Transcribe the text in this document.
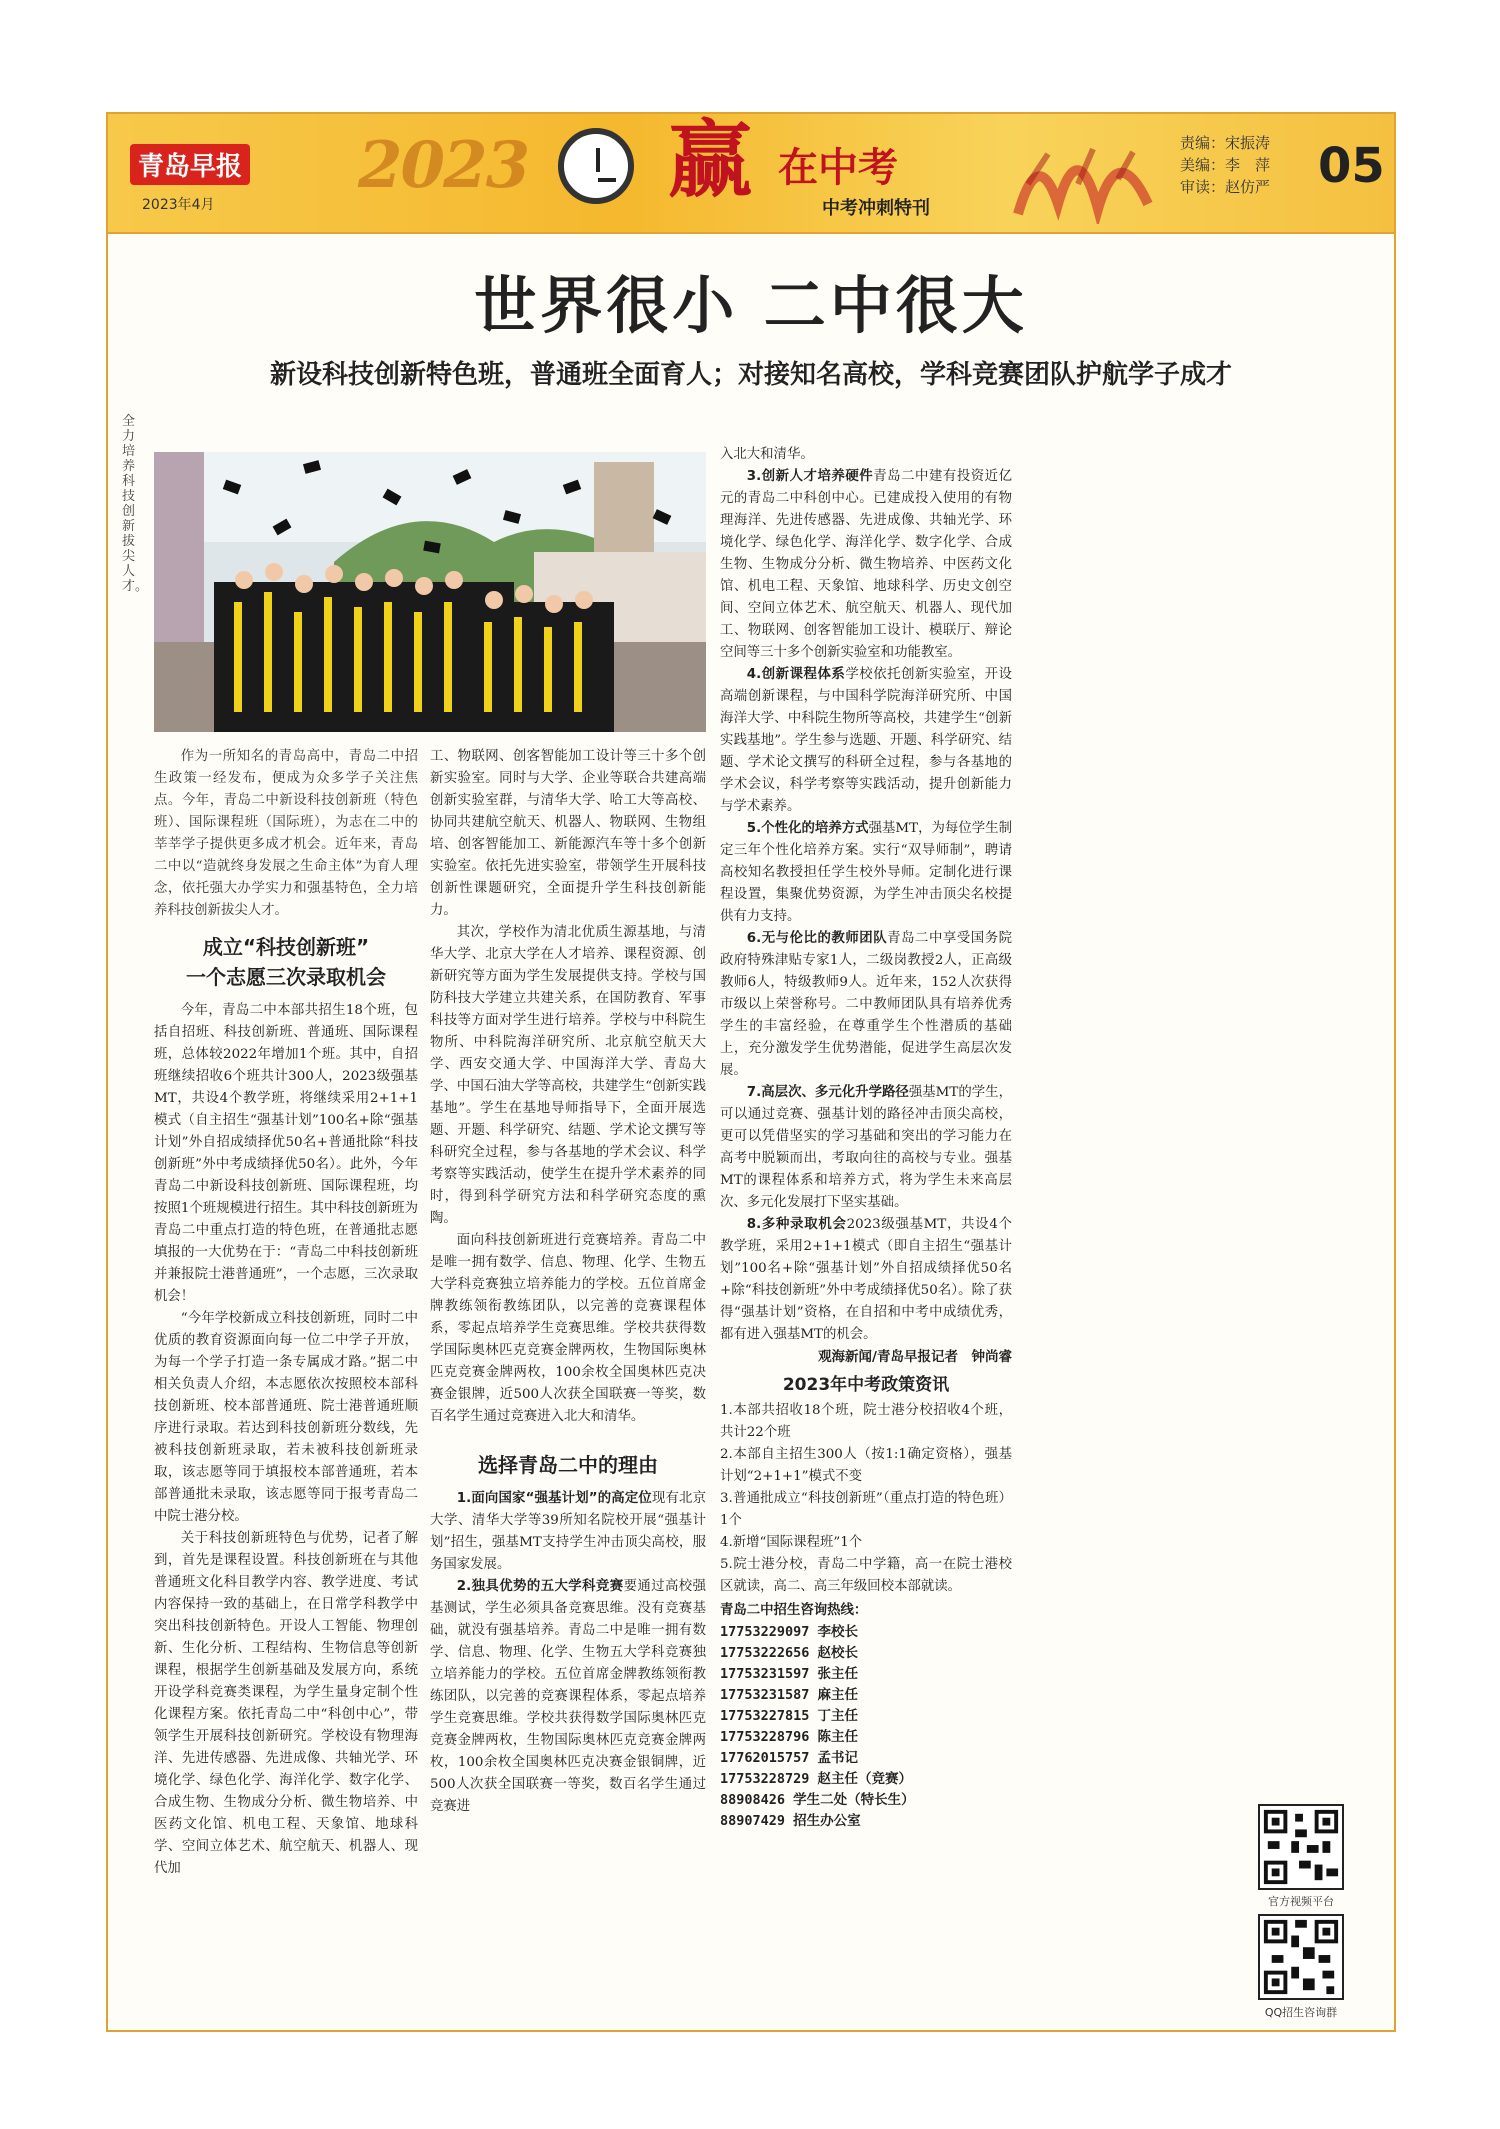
青岛早报
2023年4月
2023 赢 在中考
中考冲刺特刊
责编：宋振涛
美编：李　萍
审读：赵仿严 05
世界很小 二中很大
新设科技创新特色班，普通班全面育人；对接知名高校，学科竞赛团队护航学子成才
全力培养科技创新拔尖人才。

作为一所知名的青岛高中，青岛二中招生政策一经发布，便成为众多学子关注焦点。今年，青岛二中新设科技创新班（特色班）、国际课程班（国际班），为志在二中的莘莘学子提供更多成才机会。近年来，青岛二中以“造就终身发展之生命主体”为育人理念，依托强大办学实力和强基特色，全力培养科技创新拔尖人才。

成立“科技创新班”
一个志愿三次录取机会

今年，青岛二中本部共招生18个班，包括自招班、科技创新班、普通班、国际课程班，总体较2022年增加1个班。其中，自招班继续招收6个班共计300人，2023级强基MT，共设4个教学班，将继续采用2+1+1模式（自主招生“强基计划”100名+除“强基计划”外自招成绩择优50名+普通批除“科技创新班”外中考成绩择优50名）。此外，今年青岛二中新设科技创新班、国际课程班，均按照1个班规模进行招生。其中科技创新班为青岛二中重点打造的特色班，在普通批志愿填报的一大优势在于：“青岛二中科技创新班并兼报院士港普通班”，一个志愿，三次录取机会！

“今年学校新成立科技创新班，同时二中优质的教育资源面向每一位二中学子开放，为每一个学子打造一条专属成才路。”据二中相关负责人介绍，本志愿依次按照校本部科技创新班、校本部普通班、院士港普通班顺序进行录取。若达到科技创新班分数线，先被科技创新班录取，若未被科技创新班录取，该志愿等同于填报校本部普通班，若本部普通批未录取，该志愿等同于报考青岛二中院士港分校。

关于科技创新班特色与优势，记者了解到，首先是课程设置。科技创新班在与其他普通班文化科目教学内容、教学进度、考试内容保持一致的基础上，在日常学科教学中突出科技创新特色。开设人工智能、物理创新、生化分析、工程结构、生物信息等创新课程，根据学生创新基础及发展方向，系统开设学科竞赛类课程，为学生量身定制个性化课程方案。依托青岛二中“科创中心”，带领学生开展科技创新研究。学校设有物理海洋、先进传感器、先进成像、共轴光学、环境化学、绿色化学、海洋化学、数字化学、合成生物、生物成分分析、微生物培养、中医药文化馆、机电工程、天象馆、地球科学、空间立体艺术、航空航天、机器人、现代加

工、物联网、创客智能加工设计等三十多个创新实验室。同时与大学、企业等联合共建高端创新实验室群，与清华大学、哈工大等高校、协同共建航空航天、机器人、物联网、生物组培、创客智能加工、新能源汽车等十多个创新实验室。依托先进实验室，带领学生开展科技创新性课题研究，全面提升学生科技创新能力。

其次，学校作为清北优质生源基地，与清华大学、北京大学在人才培养、课程资源、创新研究等方面为学生发展提供支持。学校与国防科技大学建立共建关系，在国防教育、军事科技等方面对学生进行培养。学校与中科院生物所、中科院海洋研究所、北京航空航天大学、西安交通大学、中国海洋大学、青岛大学、中国石油大学等高校，共建学生“创新实践基地”。学生在基地导师指导下，全面开展选题、开题、科学研究、结题、学术论文撰写等科研究全过程，参与各基地的学术会议、科学考察等实践活动，使学生在提升学术素养的同时，得到科学研究方法和科学研究态度的熏陶。

面向科技创新班进行竞赛培养。青岛二中是唯一拥有数学、信息、物理、化学、生物五大学科竞赛独立培养能力的学校。五位首席金牌教练领衔教练团队，以完善的竞赛课程体系，零起点培养学生竞赛思维。学校共获得数学国际奥林匹克竞赛金牌两枚，生物国际奥林匹克竞赛金牌两枚，100余枚全国奥林匹克决赛金银牌，近500人次获全国联赛一等奖，数百名学生通过竞赛进入北大和清华。

选择青岛二中的理由

1.面向国家“强基计划”的高定位现有北京大学、清华大学等39所知名院校开展“强基计划”招生，强基MT支持学生冲击顶尖高校，服务国家发展。

2.独具优势的五大学科竞赛要通过高校强基测试，学生必须具备竞赛思维。没有竞赛基础，就没有强基培养。青岛二中是唯一拥有数学、信息、物理、化学、生物五大学科竞赛独立培养能力的学校。五位首席金牌教练领衔教练团队，以完善的竞赛课程体系，零起点培养学生竞赛思维。学校共获得数学国际奥林匹克竞赛金牌两枚，生物国际奥林匹克竞赛金牌两枚，100余枚全国奥林匹克决赛金银铜牌，近500人次获全国联赛一等奖，数百名学生通过竞赛进

入北大和清华。

3.创新人才培养硬件青岛二中建有投资近亿元的青岛二中科创中心。已建成投入使用的有物理海洋、先进传感器、先进成像、共轴光学、环境化学、绿色化学、海洋化学、数字化学、合成生物、生物成分分析、微生物培养、中医药文化馆、机电工程、天象馆、地球科学、历史文创空间、空间立体艺术、航空航天、机器人、现代加工、物联网、创客智能加工设计、模联厅、辩论空间等三十多个创新实验室和功能教室。

4.创新课程体系学校依托创新实验室，开设高端创新课程，与中国科学院海洋研究所、中国海洋大学、中科院生物所等高校，共建学生“创新实践基地”。学生参与选题、开题、科学研究、结题、学术论文撰写的科研全过程，参与各基地的学术会议，科学考察等实践活动，提升创新能力与学术素养。

5.个性化的培养方式强基MT，为每位学生制定三年个性化培养方案。实行“双导师制”，聘请高校知名教授担任学生校外导师。定制化进行课程设置，集聚优势资源，为学生冲击顶尖名校提供有力支持。

6.无与伦比的教师团队青岛二中享受国务院政府特殊津贴专家1人，二级岗教授2人，正高级教师6人，特级教师9人。近年来，152人次获得市级以上荣誉称号。二中教师团队具有培养优秀学生的丰富经验，在尊重学生个性潜质的基础上，充分激发学生优势潜能，促进学生高层次发展。

7.高层次、多元化升学路径强基MT的学生，可以通过竞赛、强基计划的路径冲击顶尖高校，更可以凭借坚实的学习基础和突出的学习能力在高考中脱颖而出，考取向往的高校与专业。强基MT的课程体系和培养方式，将为学生未来高层次、多元化发展打下坚实基础。

8.多种录取机会2023级强基MT，共设4个教学班，采用2+1+1模式（即自主招生“强基计划”100名+除“强基计划”外自招成绩择优50名+除“科技创新班”外中考成绩择优50名）。除了获得“强基计划”资格，在自招和中考中成绩优秀，都有进入强基MT的机会。

观海新闻/青岛早报记者　钟尚睿
2023年中考政策资讯
1.本部共招收18个班，院士港分校招收4个班，共计22个班
2.本部自主招生300人（按1:1确定资格），强基计划“2+1+1”模式不变
3.普通批成立“科技创新班”（重点打造的特色班）1个
4.新增“国际课程班”1个
5.院士港分校，青岛二中学籍，高一在院士港校区就读，高二、高三年级回校本部就读。
青岛二中招生咨询热线：
17753229097 李校长
17753222656 赵校长
17753231597 张主任
17753231587 麻主任
17753227815 丁主任
17753228796 陈主任
17762015757 孟书记
17753228729 赵主任（竞赛）
88908426 学生二处（特长生）
88907429 招生办公室
官方视频平台
QQ招生咨询群
